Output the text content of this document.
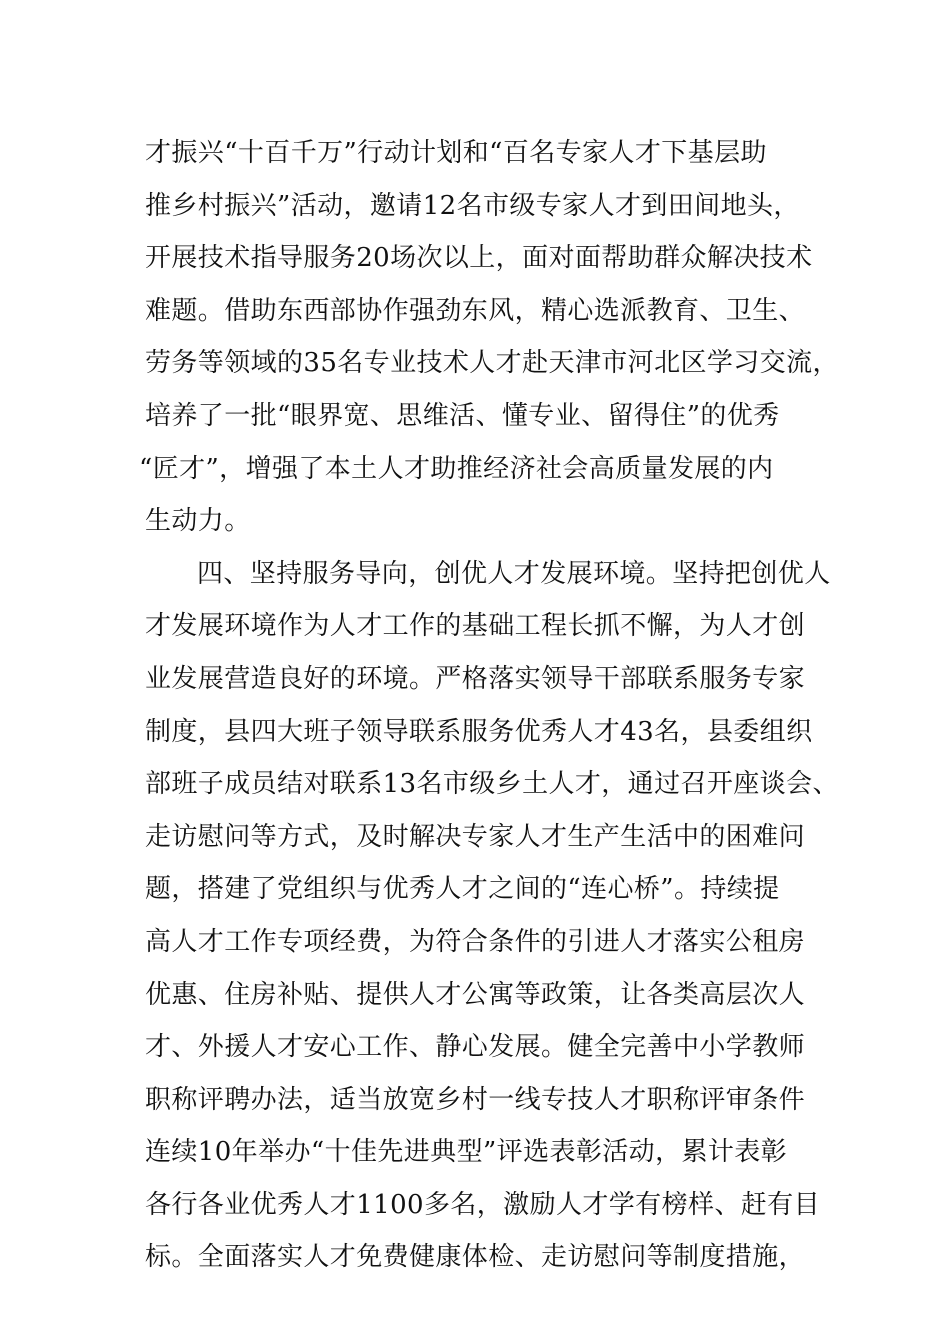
才振兴“十百千万”行动计划和“百名专家人才下基层助
推乡村振兴”活动，邀请12名市级专家人才到田间地头，
开展技术指导服务20场次以上，面对面帮助群众解决技术
难题。借助东西部协作强劲东风，精心选派教育、卫生、
劳务等领域的35名专业技术人才赴天津市河北区学习交流，
培养了一批“眼界宽、思维活、懂专业、留得住”的优秀
“匠才”，增强了本土人才助推经济社会高质量发展的内
生动力。
四、坚持服务导向，创优人才发展环境。坚持把创优人
才发展环境作为人才工作的基础工程长抓不懈，为人才创
业发展营造良好的环境。严格落实领导干部联系服务专家
制度，县四大班子领导联系服务优秀人才43名，县委组织
部班子成员结对联系13名市级乡土人才，通过召开座谈会、
走访慰问等方式，及时解决专家人才生产生活中的困难问
题，搭建了党组织与优秀人才之间的“连心桥”。持续提
高人才工作专项经费，为符合条件的引进人才落实公租房
优惠、住房补贴、提供人才公寓等政策，让各类高层次人
才、外援人才安心工作、静心发展。健全完善中小学教师
职称评聘办法，适当放宽乡村一线专技人才职称评审条件
连续10年举办“十佳先进典型”评选表彰活动，累计表彰
各行各业优秀人才1100多名，激励人才学有榜样、赶有目
标。全面落实人才免费健康体检、走访慰问等制度措施，
